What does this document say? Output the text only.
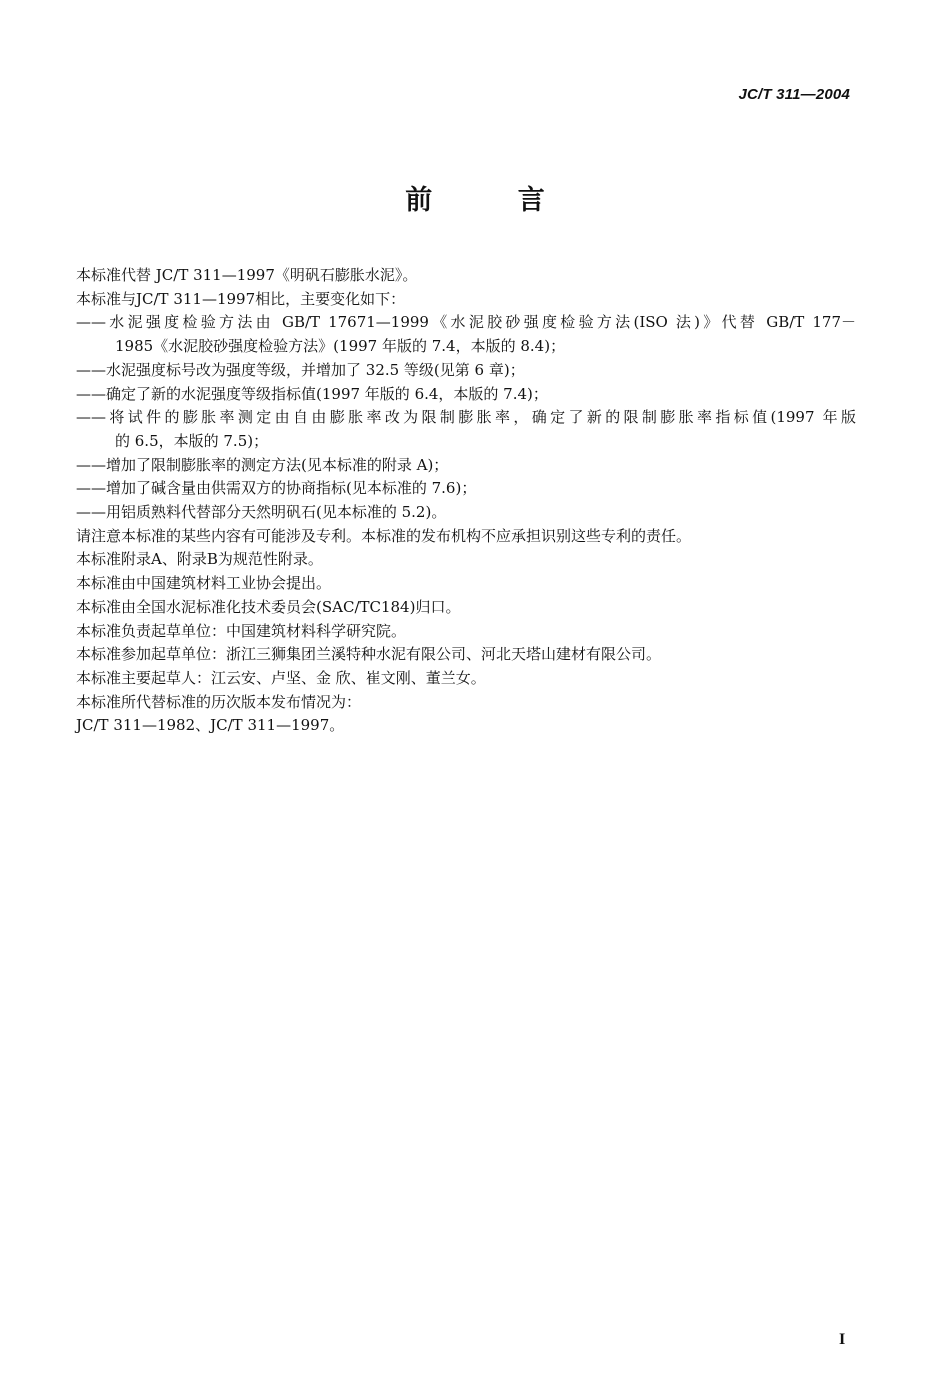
JC/T 311—2004
前 言
本标准代替 JC/T 311—1997《明矾石膨胀水泥》。
本标准与JC/T 311—1997相比，主要变化如下：
——水泥强度检验方法由 GB/T 17671—1999《水泥胶砂强度检验方法(ISO 法)》代替 GB/T 177－
1985《水泥胶砂强度检验方法》(1997 年版的 7.4，本版的 8.4)；
——水泥强度标号改为强度等级，并增加了 32.5 等级(见第 6 章)；
——确定了新的水泥强度等级指标值(1997 年版的 6.4，本版的 7.4)；
——将试件的膨胀率测定由自由膨胀率改为限制膨胀率，确定了新的限制膨胀率指标值(1997 年版
的 6.5，本版的 7.5)；
——增加了限制膨胀率的测定方法(见本标准的附录 A)；
——增加了碱含量由供需双方的协商指标(见本标准的 7.6)；
——用铝质熟料代替部分天然明矾石(见本标准的 5.2)。
请注意本标准的某些内容有可能涉及专利。本标准的发布机构不应承担识别这些专利的责任。
本标准附录A、附录B为规范性附录。
本标准由中国建筑材料工业协会提出。
本标准由全国水泥标准化技术委员会(SAC/TC184)归口。
本标准负责起草单位：中国建筑材料科学研究院。
本标准参加起草单位：浙江三狮集团兰溪特种水泥有限公司、河北天塔山建材有限公司。
本标准主要起草人：江云安、卢坚、金 欣、崔文刚、董兰女。
本标准所代替标准的历次版本发布情况为：
JC/T 311—1982、JC/T 311—1997。
I
